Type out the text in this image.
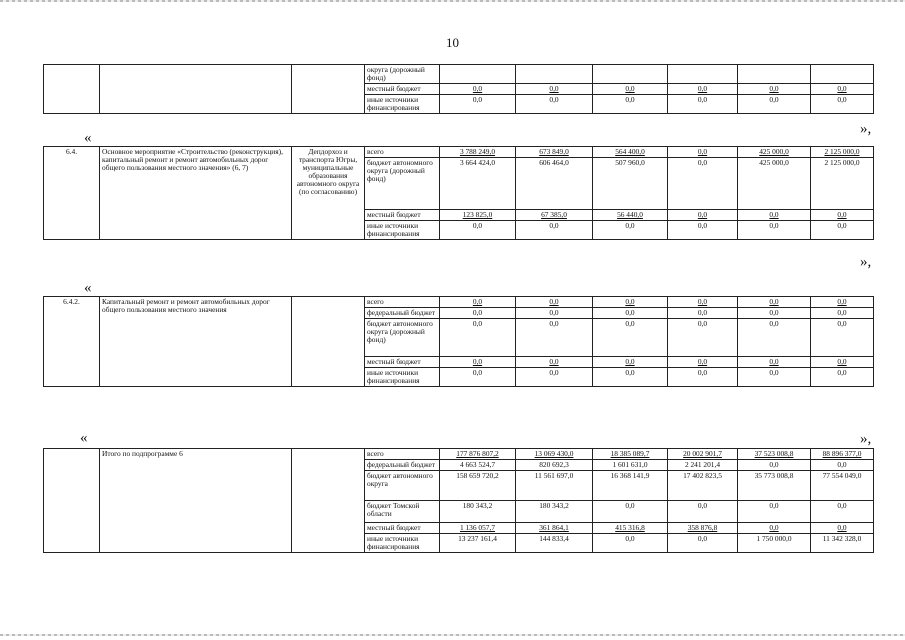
10
			округа (дорожный фонд)						
			местный бюджет	0,0	0,0	0,0	0,0	0,0	0,0
			иные источники финансирования	0,0	0,0	0,0	0,0	0,0	0,0
«
»,
6.4.	Основное мероприятие «Строительство (реконструкция), капитальный ремонт и ремонт автомобильных дорог общего пользования местного значения» (6, 7)	Депдорхоз и транспорта Югры, муниципальные образования автономного округа (по согласованию)	всего	3 788 249,0	673 849,0	564 400,0	0,0	425 000,0	2 125 000,0
			бюджет автономного округа (дорожный фонд)	3 664 424,0	606 464,0	507 960,0	0,0	425 000,0	2 125 000,0
			местный бюджет	123 825,0	67 385,0	56 440,0	0,0	0,0	0,0
			иные источники финансирования	0,0	0,0	0,0	0,0	0,0	0,0
»,
«
6.4.2.	Капитальный ремонт и ремонт автомобильных дорог общего пользования местного значения		всего	0,0	0,0	0,0	0,0	0,0	0,0
			федеральный бюджет	0,0	0,0	0,0	0,0	0,0	0,0
			бюджет автономного округа (дорожный фонд)	0,0	0,0	0,0	0,0	0,0	0,0
			местный бюджет	0,0	0,0	0,0	0,0	0,0	0,0
			иные источники финансирования	0,0	0,0	0,0	0,0	0,0	0,0
»,
«
	Итого по подпрограмме 6		всего	177 876 807,2	13 069 430,0	18 385 089,7	20 002 901,7	37 523 008,8	88 896 377,0
			федеральный бюджет	4 663 524,7	820 692,3	1 601 631,0	2 241 201,4	0,0	0,0
			бюджет автономного округа	158 659 720,2	11 561 697,0	16 368 141,9	17 402 823,5	35 773 008,8	77 554 049,0
			бюджет Томской области	180 343,2	180 343,2	0,0	0,0	0,0	0,0
			местный бюджет	1 136 057,7	361 864,1	415 316,8	358 876,8	0,0	0,0
			иные источники финансирования	13 237 161,4	144 833,4	0,0	0,0	1 750 000,0	11 342 328,0
